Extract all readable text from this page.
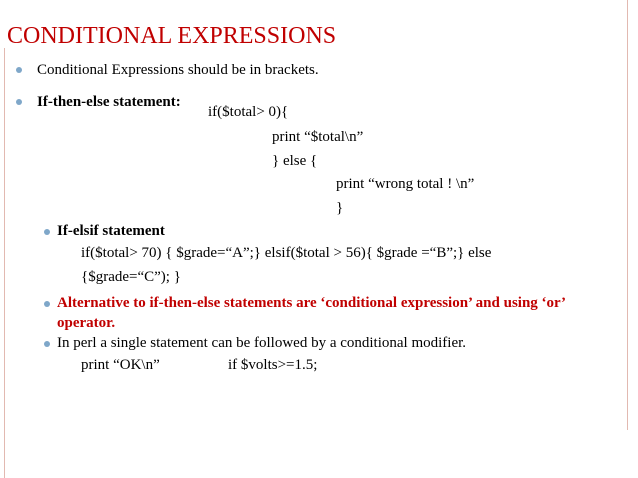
CONDITIONAL EXPRESSIONS
Conditional Expressions should be in brackets.
If-then-else statement:
if($total> 0){
print “$total\n”
} else {
print “wrong total ! \n”
}
If-elsif statement
if($total> 70) { $grade=“A”;} elsif($total > 56){ $grade =“B”;} else
{$grade=“C”); }
Alternative to if-then-else statements are ‘conditional expression’ and using ‘or’
operator.
In perl a single statement can be followed by a conditional modifier.
print “OK\n”	if $volts>=1.5;
